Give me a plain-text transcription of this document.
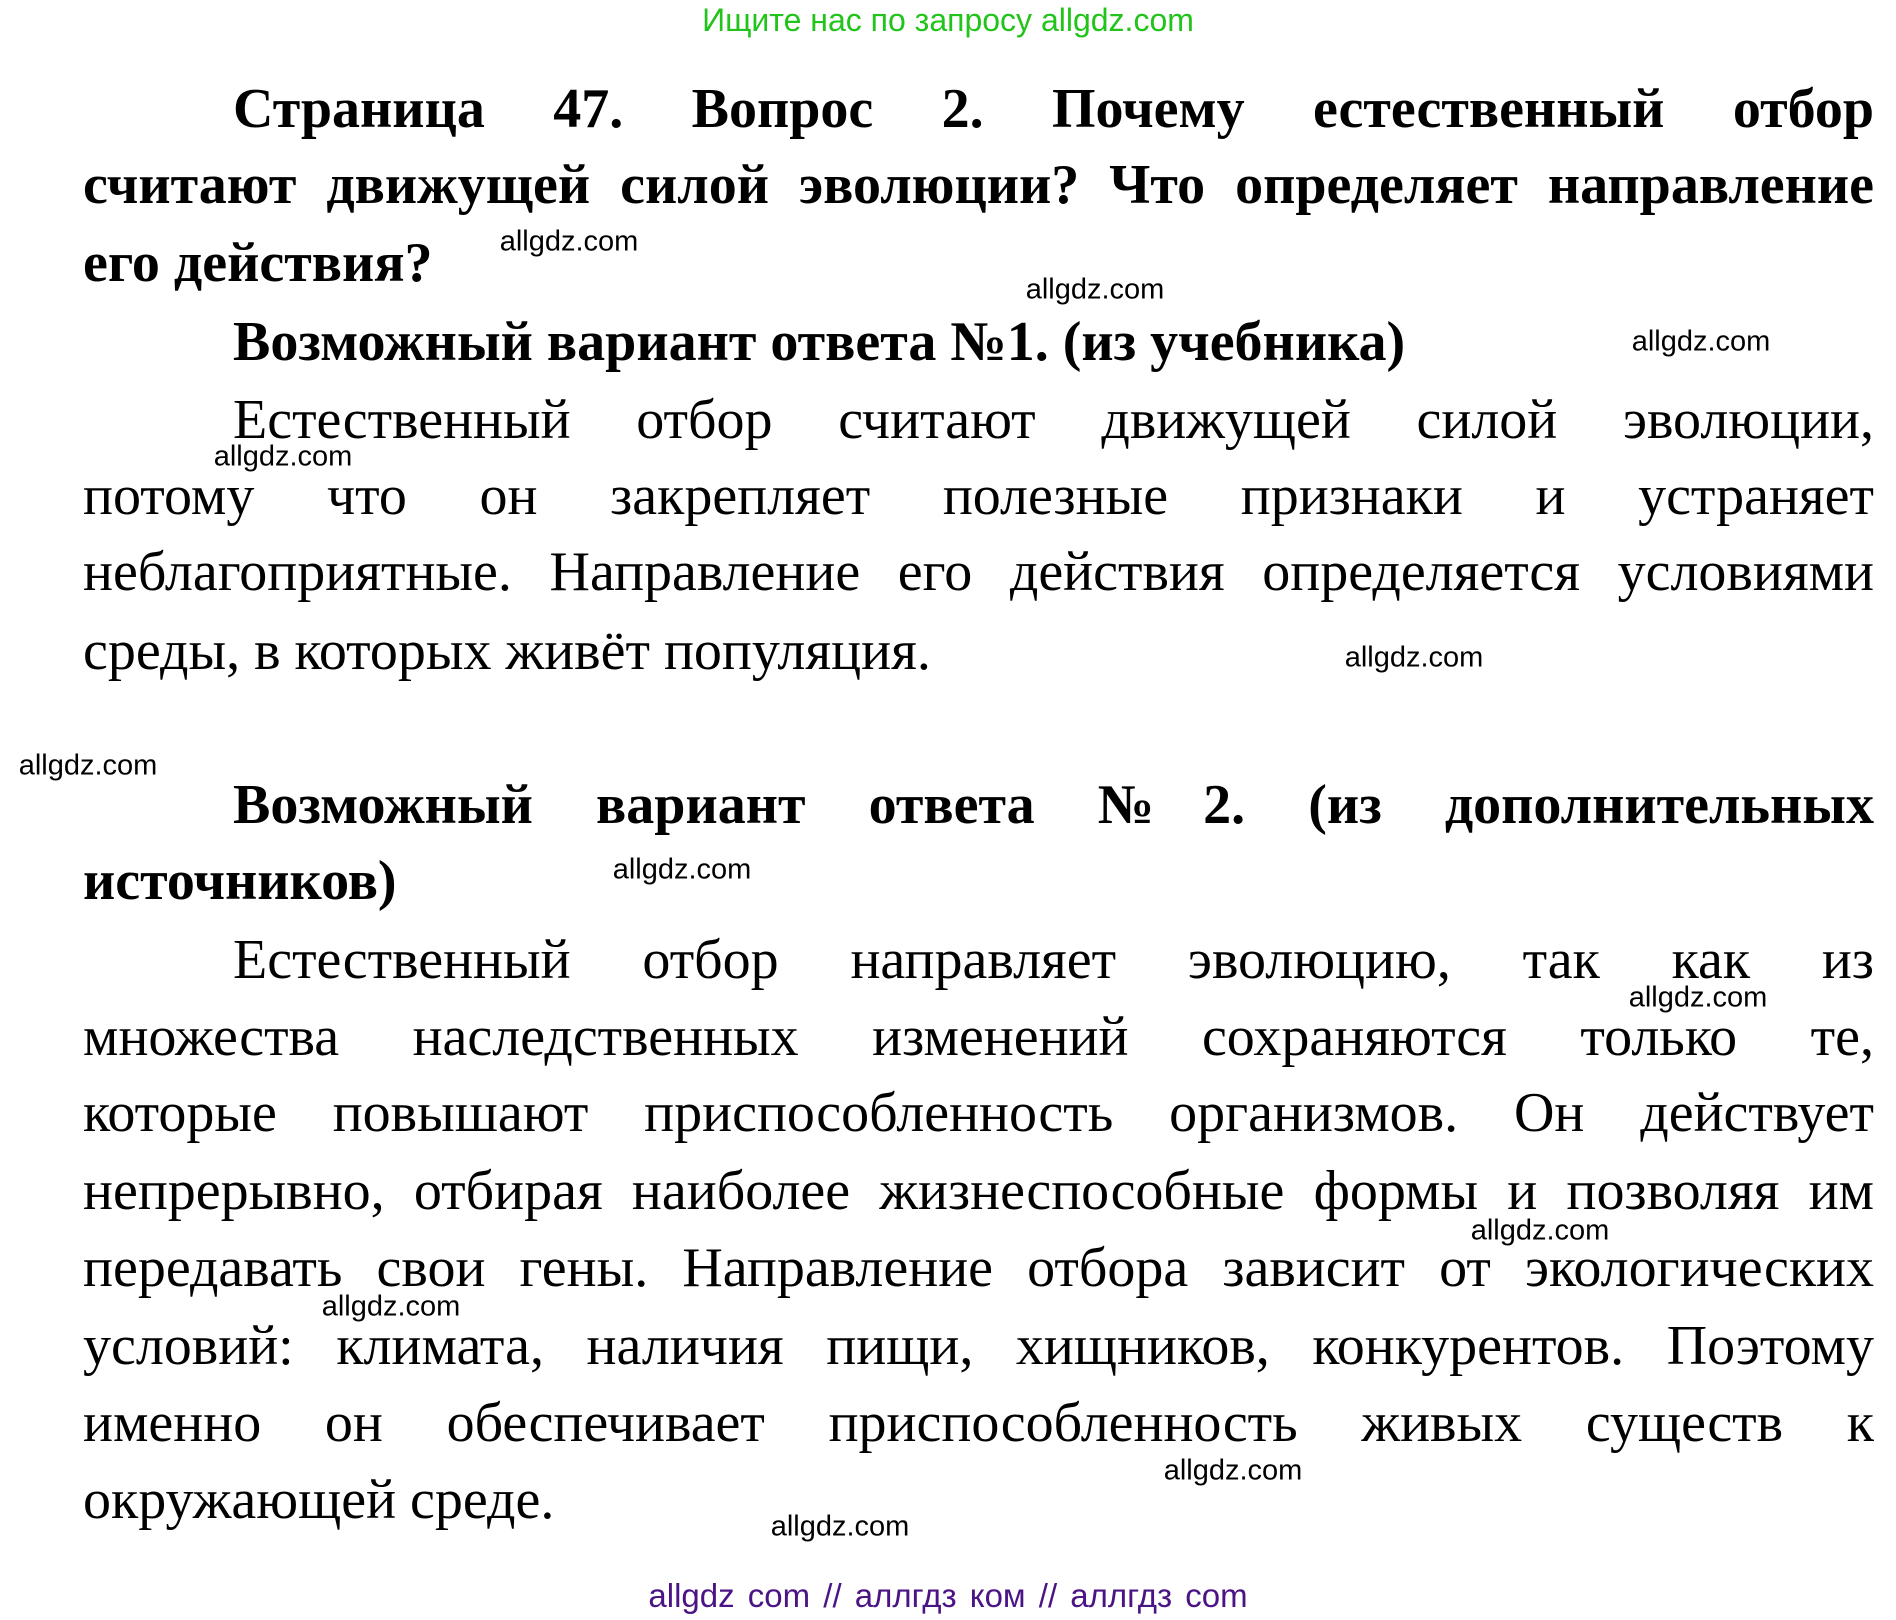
Ищите нас по запросу allgdz.com
Страница 47. Вопрос 2. Почему естественный отбор
считают движущей силой эволюции? Что определяет направление
его действия?
Возможный вариант ответа №1. (из учебника)
Естественный отбор считают движущей силой эволюции,
потому что он закрепляет полезные признаки и устраняет
неблагоприятные. Направление его действия определяется условиями
среды, в которых живёт популяция.
Возможный вариант ответа №2. (из дополнительных
источников)
Естественный отбор направляет эволюцию, так как из
множества наследственных изменений сохраняются только те,
которые повышают приспособленность организмов. Он действует
непрерывно, отбирая наиболее жизнеспособные формы и позволяя им
передавать свои гены. Направление отбора зависит от экологических
условий: климата, наличия пищи, хищников, конкурентов. Поэтому
именно он обеспечивает приспособленность живых существ к
окружающей среде.
allgdz.com
allgdz.com
allgdz.com
allgdz.com
allgdz.com
allgdz.com
allgdz.com
allgdz.com
allgdz.com
allgdz.com
allgdz.com
allgdz.com
allgdz com // аллгдз ком // аллгдз com
